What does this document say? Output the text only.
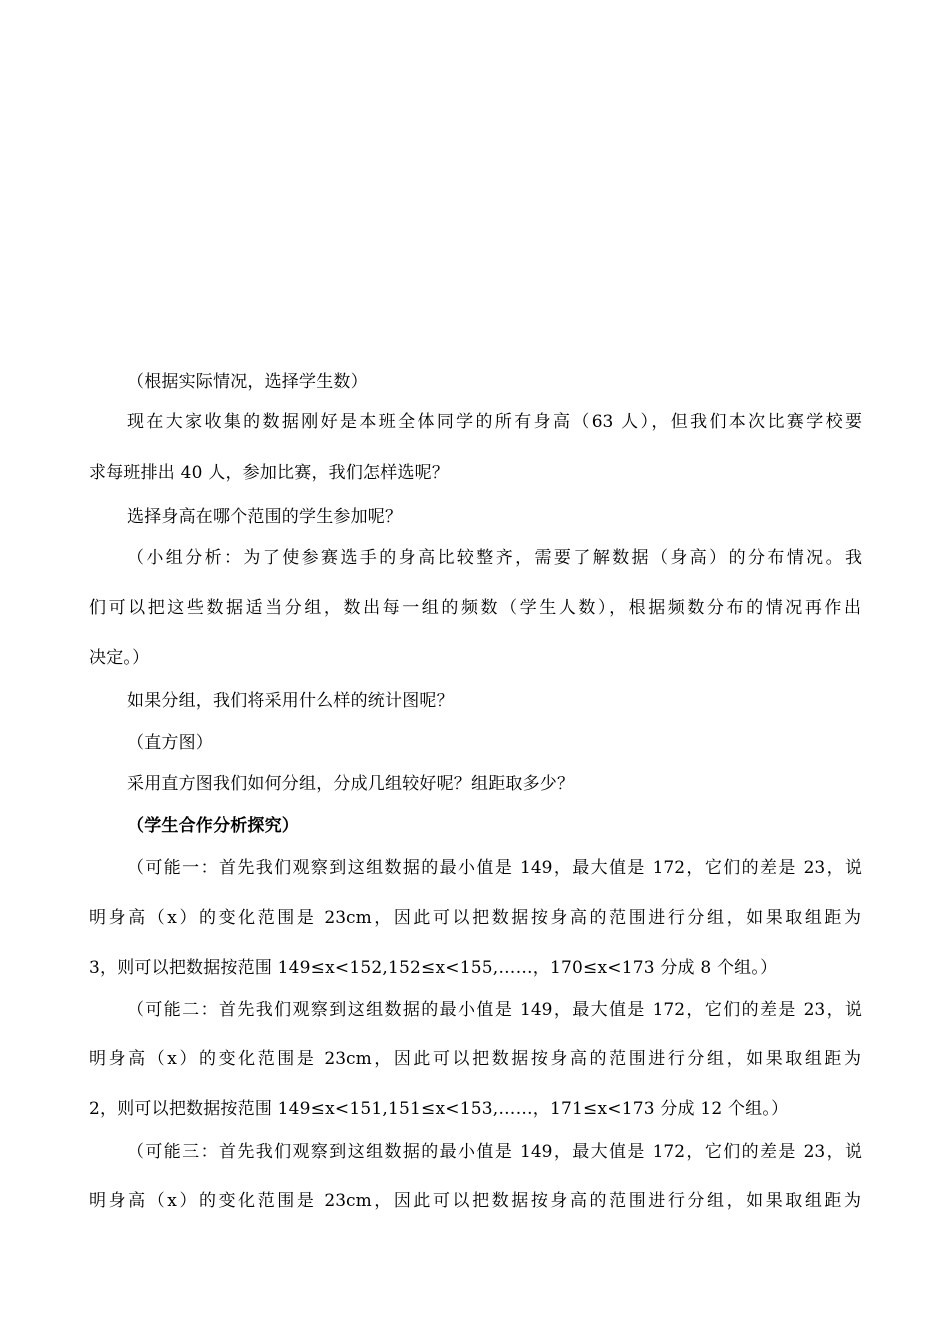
（根据实际情况，选择学生数）
现在大家收集的数据刚好是本班全体同学的所有身高（63 人），但我们本次比赛学校要
求每班排出 40 人，参加比赛，我们怎样选呢？
选择身高在哪个范围的学生参加呢？
（小组分析：为了使参赛选手的身高比较整齐，需要了解数据（身高）的分布情况。我
们可以把这些数据适当分组，数出每一组的频数（学生人数），根据频数分布的情况再作出
决定。）
如果分组，我们将采用什么样的统计图呢？
（直方图）
采用直方图我们如何分组，分成几组较好呢？组距取多少？
（学生合作分析探究）
（可能一：首先我们观察到这组数据的最小值是 149，最大值是 172，它们的差是 23，说
明身高（x）的变化范围是 23cm，因此可以把数据按身高的范围进行分组，如果取组距为
3，则可以把数据按范围 149≤x<152,152≤x<155,……，170≤x<173 分成 8 个组。）
（可能二：首先我们观察到这组数据的最小值是 149，最大值是 172，它们的差是 23，说
明身高（x）的变化范围是 23cm，因此可以把数据按身高的范围进行分组，如果取组距为
2，则可以把数据按范围 149≤x<151,151≤x<153,……，171≤x<173 分成 12 个组。）
（可能三：首先我们观察到这组数据的最小值是 149，最大值是 172，它们的差是 23，说
明身高（x）的变化范围是 23cm，因此可以把数据按身高的范围进行分组，如果取组距为
